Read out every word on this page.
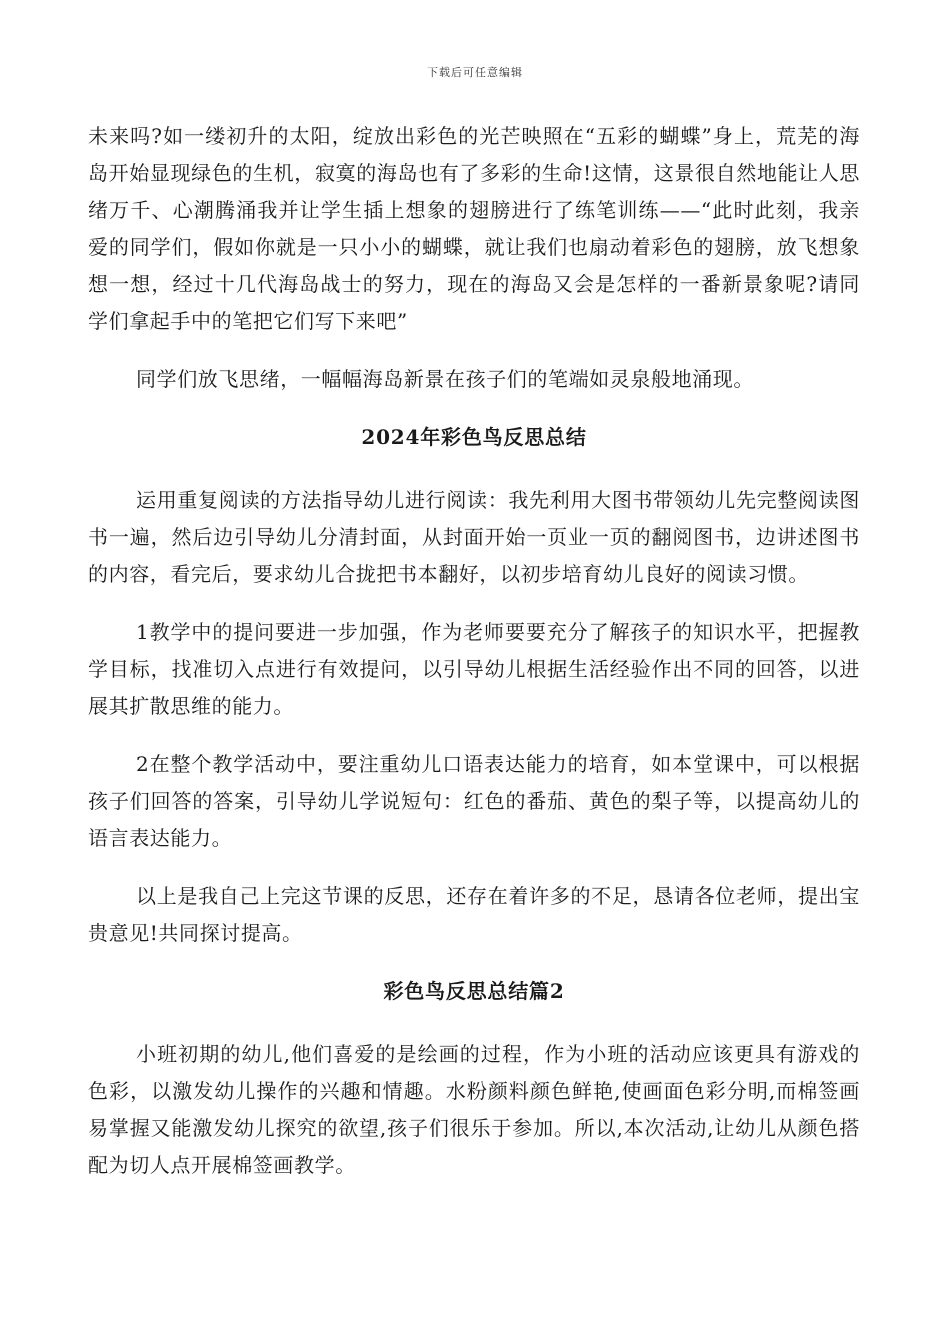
下载后可任意编辑

未来吗?如一缕初升的太阳，绽放出彩色的光芒映照在“五彩的蝴蝶”身上，荒芜的海岛开始显现绿色的生机，寂寞的海岛也有了多彩的生命!这情，这景很自然地能让人思绪万千、心潮腾涌我并让学生插上想象的翅膀进行了练笔训练——“此时此刻，我亲爱的同学们，假如你就是一只小小的蝴蝶，就让我们也扇动着彩色的翅膀，放飞想象想一想，经过十几代海岛战士的努力，现在的海岛又会是怎样的一番新景象呢?请同学们拿起手中的笔把它们写下来吧”

同学们放飞思绪，一幅幅海岛新景在孩子们的笔端如灵泉般地涌现。

2024年彩色鸟反思总结

运用重复阅读的方法指导幼儿进行阅读：我先利用大图书带领幼儿先完整阅读图书一遍，然后边引导幼儿分清封面，从封面开始一页业一页的翻阅图书，边讲述图书的内容，看完后，要求幼儿合拢把书本翻好，以初步培育幼儿良好的阅读习惯。

1教学中的提问要进一步加强，作为老师要要充分了解孩子的知识水平，把握教学目标，找准切入点进行有效提问，以引导幼儿根据生活经验作出不同的回答，以进展其扩散思维的能力。

2在整个教学活动中，要注重幼儿口语表达能力的培育，如本堂课中，可以根据孩子们回答的答案，引导幼儿学说短句：红色的番茄、黄色的梨子等，以提高幼儿的语言表达能力。

以上是我自己上完这节课的反思，还存在着许多的不足，恳请各位老师，提出宝贵意见!共同探讨提高。

彩色鸟反思总结篇2

小班初期的幼儿,他们喜爱的是绘画的过程，作为小班的活动应该更具有游戏的色彩，以激发幼儿操作的兴趣和情趣。水粉颜料颜色鲜艳,使画面色彩分明,而棉签画易掌握又能激发幼儿探究的欲望,孩子们很乐于参加。所以,本次活动,让幼儿从颜色搭配为切人点开展棉签画教学。
